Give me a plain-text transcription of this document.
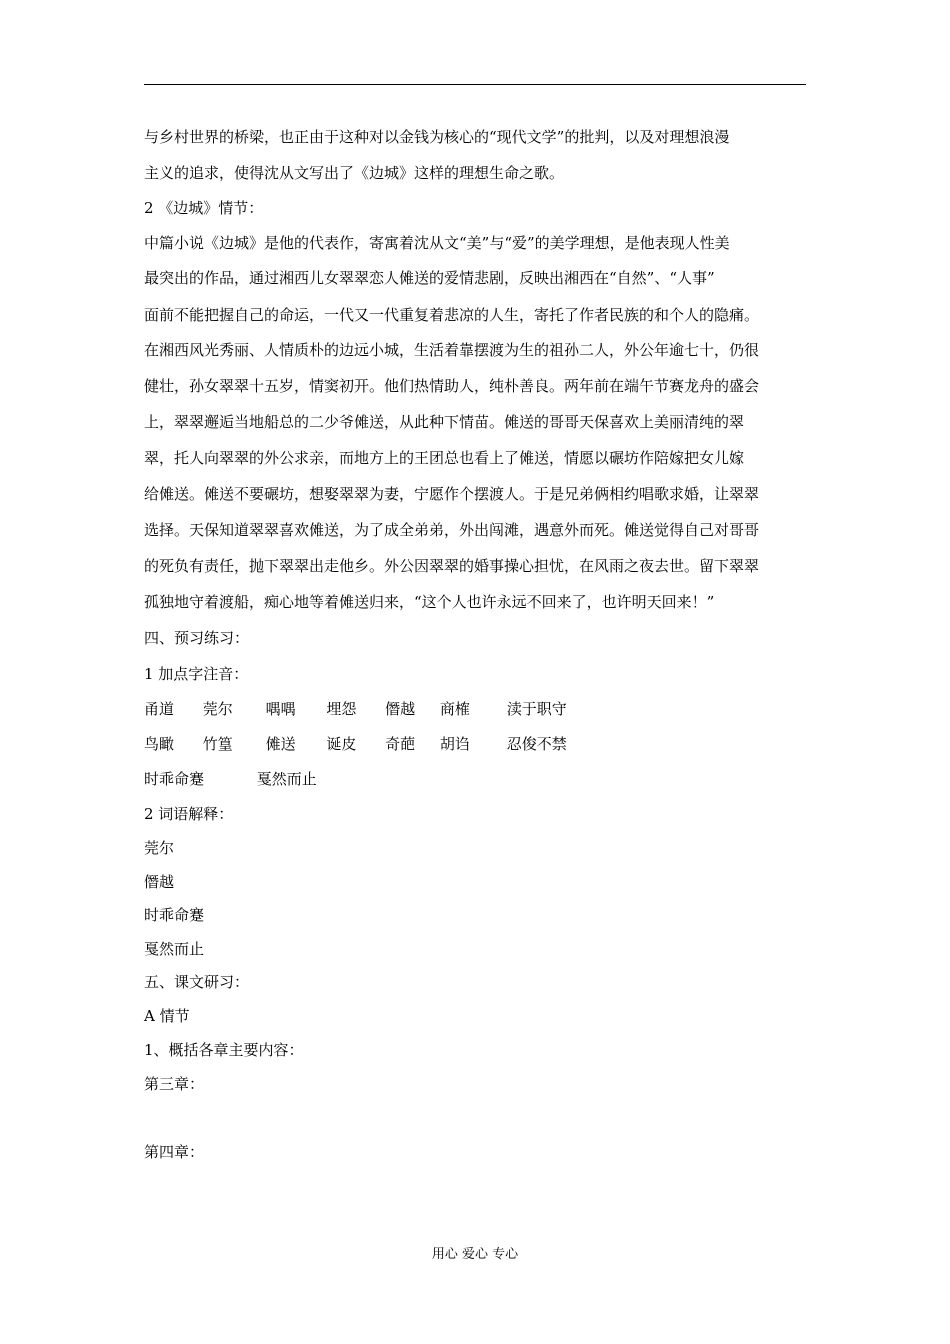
与乡村世界的桥梁，也正由于这种对以金钱为核心的“现代文学”的批判，以及对理想浪漫
主义的追求，使得沈从文写出了《边城》这样的理想生命之歌。
2 《边城》情节：
中篇小说《边城》是他的代表作，寄寓着沈从文“美”与“爱”的美学理想，是他表现人性美
最突出的作品，通过湘西儿女翠翠恋人傩送的爱情悲剧，反映出湘西在“自然”、“人事”
面前不能把握自己的命运，一代又一代重复着悲凉的人生，寄托了作者民族的和个人的隐痛。
在湘西风光秀丽、人情质朴的边远小城，生活着靠摆渡为生的祖孙二人，外公年逾七十，仍很
健壮，孙女翠翠十五岁，情窦初开。他们热情助人，纯朴善良。两年前在端午节赛龙舟的盛会
上，翠翠邂逅当地船总的二少爷傩送，从此种下情苗。傩送的哥哥天保喜欢上美丽清纯的翠
翠，托人向翠翠的外公求亲，而地方上的王团总也看上了傩送，情愿以碾坊作陪嫁把女儿嫁
给傩送。傩送不要碾坊，想娶翠翠为妻，宁愿作个摆渡人。于是兄弟俩相约唱歌求婚，让翠翠
选择。天保知道翠翠喜欢傩送，为了成全弟弟，外出闯滩，遇意外而死。傩送觉得自己对哥哥
的死负有责任，抛下翠翠出走他乡。外公因翠翠的婚事操心担忧，在风雨之夜去世。留下翠翠
孤独地守着渡船，痴心地等着傩送归来，“这个人也许永远不回来了，也许明天回来！”
四、预习练习：
1 加点字注音：
甬道 莞尔 喁喁 埋怨 僭越 商榷 渎于职守
鸟瞰 竹篁 傩送 诞皮 奇葩 胡诌 忍俊不禁
时乖命蹇	戛然而止
2 词语解释：
莞尔
僭越
时乖命蹇
戛然而止
五、课文研习：
A 情节
1、概括各章主要内容：
第三章：
第四章：
用心 爱心 专心
